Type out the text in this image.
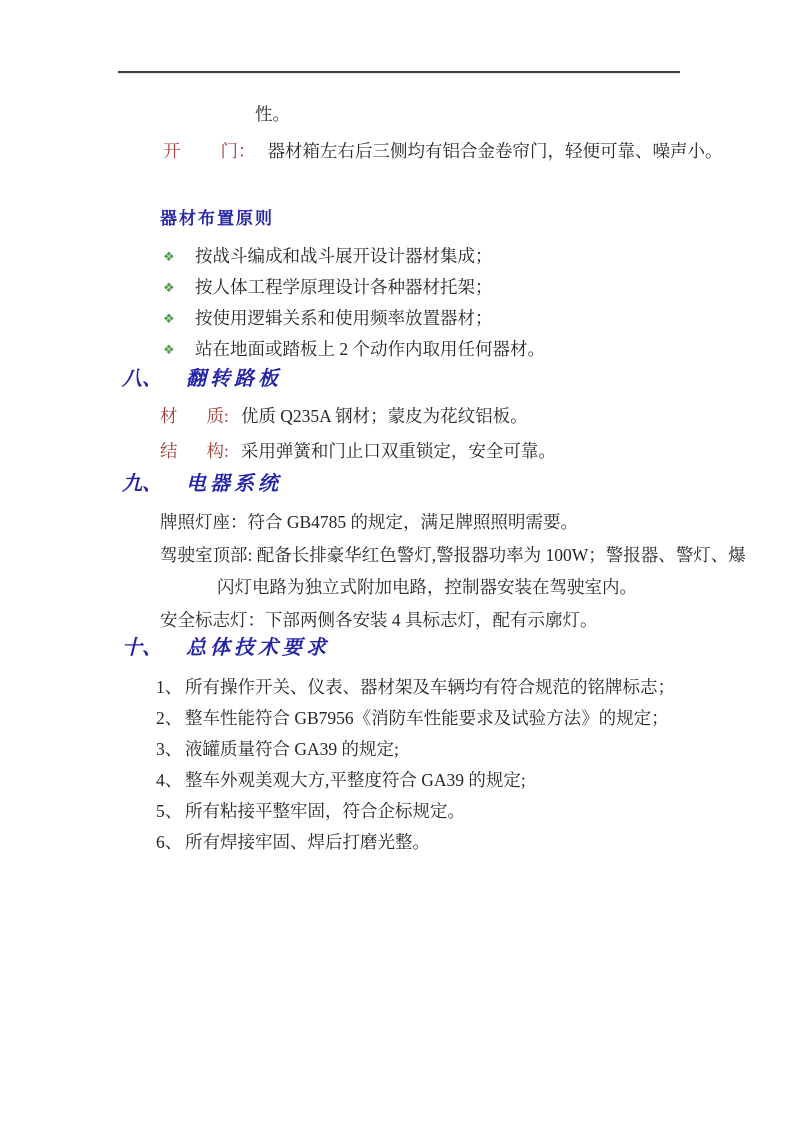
性。
开 门： 器材箱左右后三侧均有铝合金卷帘门，轻便可靠、噪声小。
器材布置原则
❖ 按战斗编成和战斗展开设计器材集成；
❖ 按人体工程学原理设计各种器材托架；
❖ 按使用逻辑关系和使用频率放置器材；
❖ 站在地面或踏板上 2 个动作内取用任何器材。
八、 翻转路板
材 质: 优质 Q235A 钢材；蒙皮为花纹铝板。
结 构: 采用弹簧和门止口双重锁定，安全可靠。
九、 电器系统
牌照灯座：符合 GB4785 的规定，满足牌照照明需要。
驾驶室顶部: 配备长排豪华红色警灯,警报器功率为 100W；警报器、警灯、爆
闪灯电路为独立式附加电路，控制器安装在驾驶室内。
安全标志灯：下部两侧各安装 4 具标志灯，配有示廓灯。
十、 总体技术要求
1、 所有操作开关、仪表、器材架及车辆均有符合规范的铭牌标志；
2、 整车性能符合 GB7956《消防车性能要求及试验方法》的规定；
3、 液罐质量符合 GA39 的规定;
4、 整车外观美观大方,平整度符合 GA39 的规定;
5、 所有粘接平整牢固，符合企标规定。
6、 所有焊接牢固、焊后打磨光整。
